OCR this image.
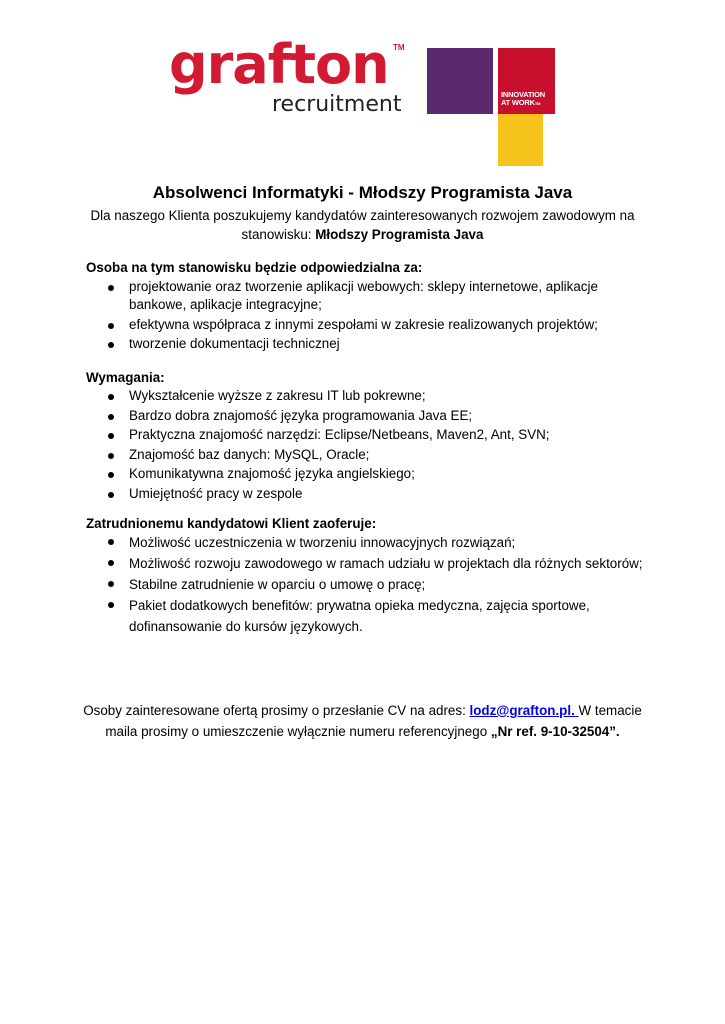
grafton TM
recruitment	INNOVATION
AT WORKTM
Absolwenci Informatyki - Młodszy Programista Java
Dla naszego Klienta poszukujemy kandydatów zainteresowanych rozwojem zawodowym na stanowisku: Młodszy Programista Java
Osoba na tym stanowisku będzie odpowiedzialna za:
projektowanie oraz tworzenie aplikacji webowych: sklepy internetowe, aplikacje bankowe, aplikacje integracyjne;
efektywna współpraca z innymi zespołami w zakresie realizowanych projektów;
tworzenie dokumentacji technicznej
Wymagania:
Wykształcenie wyższe z zakresu IT lub pokrewne;
Bardzo dobra znajomość języka programowania Java EE;
Praktyczna znajomość narzędzi: Eclipse/Netbeans, Maven2, Ant, SVN;
Znajomość baz danych: MySQL, Oracle;
Komunikatywna znajomość języka angielskiego;
Umiejętność pracy w zespole
Zatrudnionemu kandydatowi Klient zaoferuje:
Możliwość uczestniczenia w tworzeniu innowacyjnych rozwiązań;
Możliwość rozwoju zawodowego w ramach udziału w projektach dla różnych sektorów;
Stabilne zatrudnienie w oparciu o umowę o pracę;
Pakiet dodatkowych benefitów: prywatna opieka medyczna, zajęcia sportowe, dofinansowanie do kursów językowych.
Osoby zainteresowane ofertą prosimy o przesłanie CV na adres: lodz@grafton.pl. W temacie maila prosimy o umieszczenie wyłącznie numeru referencyjnego „Nr ref. 9-10-32504”.
